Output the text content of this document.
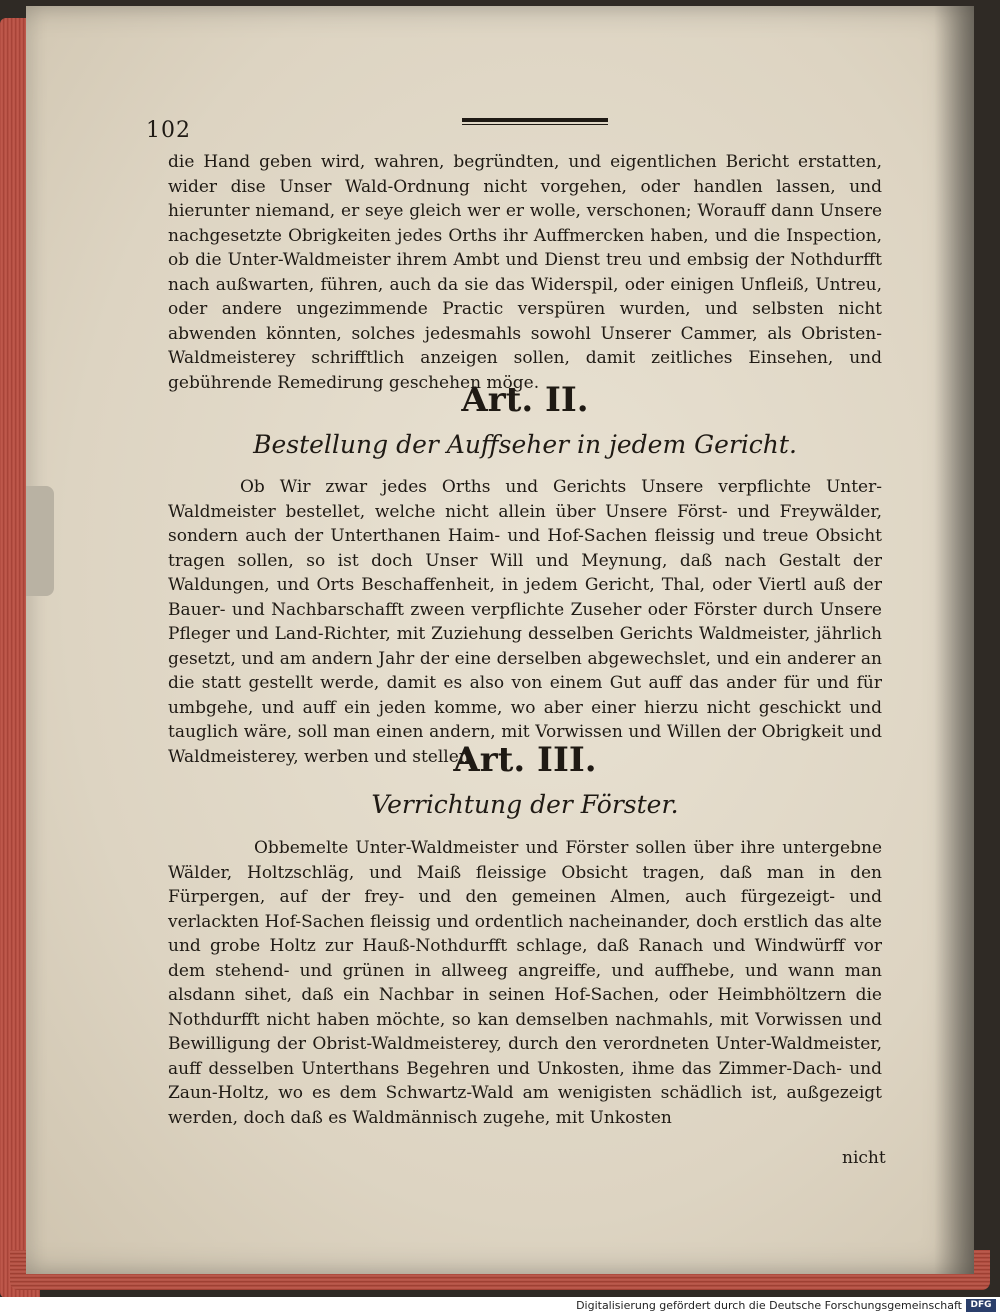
102
die Hand geben wird, wahren, begründten, und eigentlichen Bericht erstatten, wider dise Unser Wald-Ordnung nicht vorgehen, oder handlen lassen, und hierunter niemand, er seye gleich wer er wolle, verschonen; Worauff dann Unsere nachgesetzte Obrigkeiten jedes Orths ihr Auffmercken haben, und die Inspection, ob die Unter-Waldmeister ihrem Ambt und Dienst treu und embsig der Nothdurfft nach außwarten, führen, auch da sie das Widerspil, oder einigen Unfleiß, Untreu, oder andere ungezimmende Practic verspüren wurden, und selbsten nicht abwenden könnten, solches jedesmahls sowohl Unserer Cammer, als Obristen-Waldmeisterey schrifftlich anzeigen sollen, damit zeitliches Einsehen, und gebührende Remedirung geschehen möge.
Art. II.
Bestellung der Auffseher in jedem Gericht.
Ob Wir zwar jedes Orths und Gerichts Unsere verpflichte Unter-Waldmeister bestellet, welche nicht allein über Unsere Först- und Freywälder, sondern auch der Unterthanen Haim- und Hof-Sachen fleissig und treue Obsicht tragen sollen, so ist doch Unser Will und Meynung, daß nach Gestalt der Waldungen, und Orts Beschaffenheit, in jedem Gericht, Thal, oder Viertl auß der Bauer- und Nachbarschafft zween verpflichte Zuseher oder Förster durch Unsere Pfleger und Land-Richter, mit Zuziehung desselben Gerichts Waldmeister, jährlich gesetzt, und am andern Jahr der eine derselben abgewechslet, und ein anderer an die statt gestellt werde, damit es also von einem Gut auff das ander für und für umbgehe, und auff ein jeden komme, wo aber einer hierzu nicht geschickt und tauglich wäre, soll man einen andern, mit Vorwissen und Willen der Obrigkeit und Waldmeisterey, werben und stellen.
Art. III.
Verrichtung der Förster.
Obbemelte Unter-Waldmeister und Förster sollen über ihre untergebne Wälder, Holtzschläg, und Maiß fleissige Obsicht tragen, daß man in den Fürpergen, auf der frey- und den gemeinen Almen, auch fürgezeigt- und verlackten Hof-Sachen fleissig und ordentlich nacheinander, doch erstlich das alte und grobe Holtz zur Hauß-Nothdurfft schlage, daß Ranach und Windwürff vor dem stehend- und grünen in allweeg angreiffe, und auffhebe, und wann man alsdann sihet, daß ein Nachbar in seinen Hof-Sachen, oder Heimbhöltzern die Nothdurfft nicht haben möchte, so kan demselben nachmahls, mit Vorwissen und Bewilligung der Obrist-Waldmeisterey, durch den verordneten Unter-Waldmeister, auff desselben Unterthans Begehren und Unkosten, ihme das Zimmer-Dach- und Zaun-Holtz, wo es dem Schwartz-Wald am wenigisten schädlich ist, außgezeigt werden, doch daß es Waldmännisch zugehe, mit Unkosten
nicht
Digitalisierung gefördert durch die Deutsche Forschungsgemeinschaft DFG
